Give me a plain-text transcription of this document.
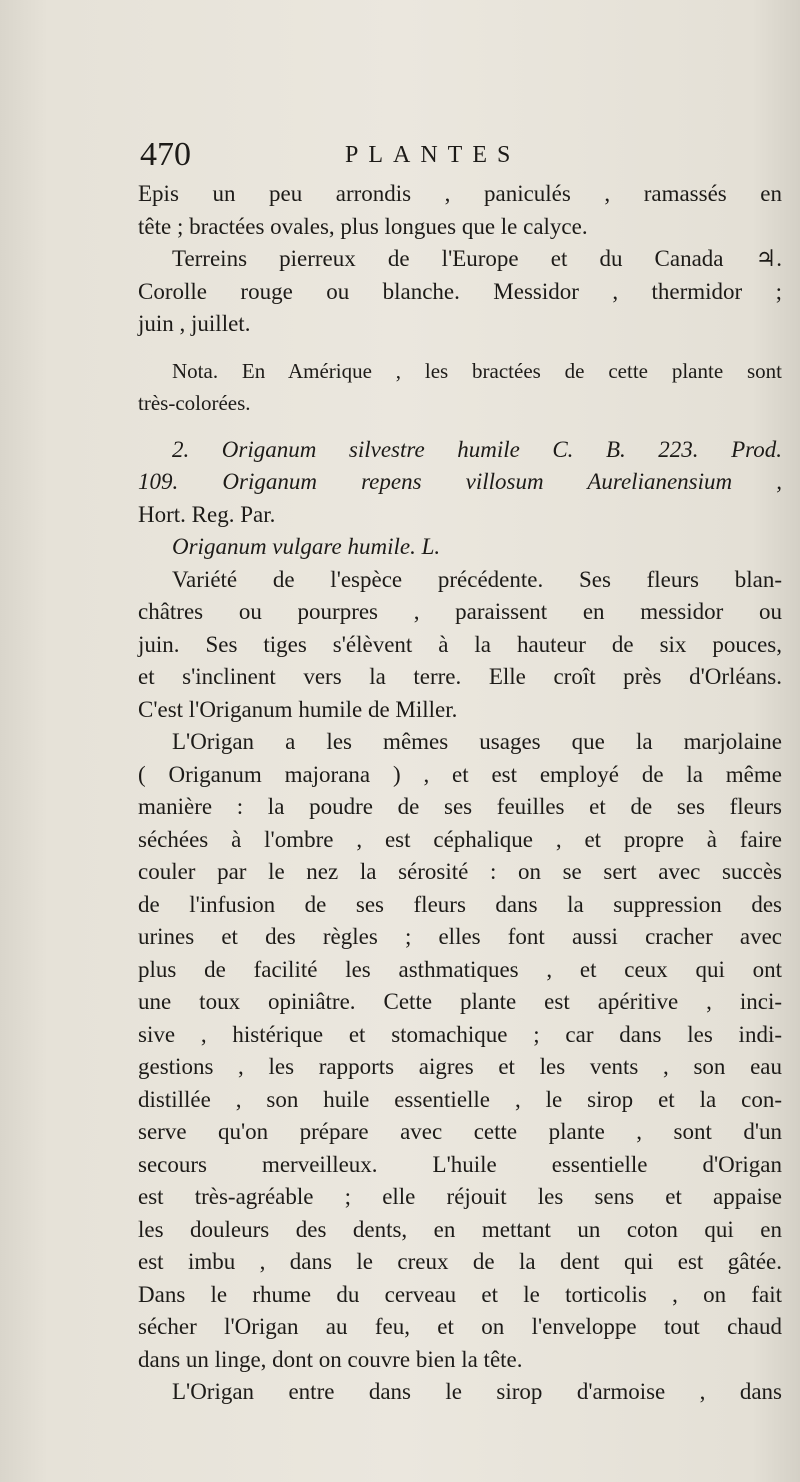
470	PLANTES
Epis un peu arrondis , paniculés , ramassés en
tête ; bractées ovales, plus longues que le calyce.
Terreins pierreux de l'Europe et du Canada ♃.
Corolle rouge ou blanche. Messidor , thermidor ;
juin , juillet.
Nota. En Amérique , les bractées de cette plante sont
très-colorées.
2. Origanum silvestre humile C. B. 223. Prod.
109. Origanum repens villosum Aurelianensium ,
Hort. Reg. Par.
Origanum vulgare humile. L.
Variété de l'espèce précédente. Ses fleurs blan-
châtres ou pourpres , paraissent en messidor ou
juin. Ses tiges s'élèvent à la hauteur de six pouces,
et s'inclinent vers la terre. Elle croît près d'Orléans.
C'est l'Origanum humile de Miller.
L'Origan a les mêmes usages que la marjolaine
( Origanum majorana ) , et est employé de la même
manière : la poudre de ses feuilles et de ses fleurs
séchées à l'ombre , est céphalique , et propre à faire
couler par le nez la sérosité : on se sert avec succès
de l'infusion de ses fleurs dans la suppression des
urines et des règles ; elles font aussi cracher avec
plus de facilité les asthmatiques , et ceux qui ont
une toux opiniâtre. Cette plante est apéritive , inci-
sive , histérique et stomachique ; car dans les indi-
gestions , les rapports aigres et les vents , son eau
distillée , son huile essentielle , le sirop et la con-
serve qu'on prépare avec cette plante , sont d'un
secours merveilleux. L'huile essentielle d'Origan
est très-agréable ; elle réjouit les sens et appaise
les douleurs des dents, en mettant un coton qui en
est imbu , dans le creux de la dent qui est gâtée.
Dans le rhume du cerveau et le torticolis , on fait
sécher l'Origan au feu, et on l'enveloppe tout chaud
dans un linge, dont on couvre bien la tête.
L'Origan entre dans le sirop d'armoise , dans
